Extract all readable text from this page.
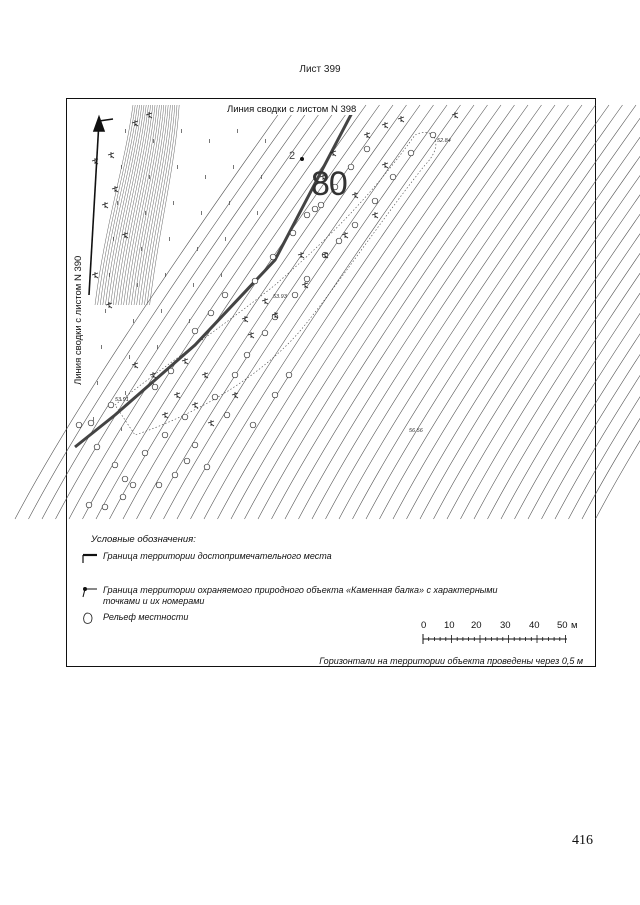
Лист 399
52.84
53.93
56.56
53.91
2
Линия сводки с листом N 398
Линия сводки с листом N 390
80
Условные обозначения:
Граница территории достопримечательного места
Граница территории охраняемого природного объекта «Каменная балка» с характерными
точками и их номерами
Рельеф местности
0 10 20 30 40 50 м
Горизонтали на территории объекта проведены через 0,5 м
416
